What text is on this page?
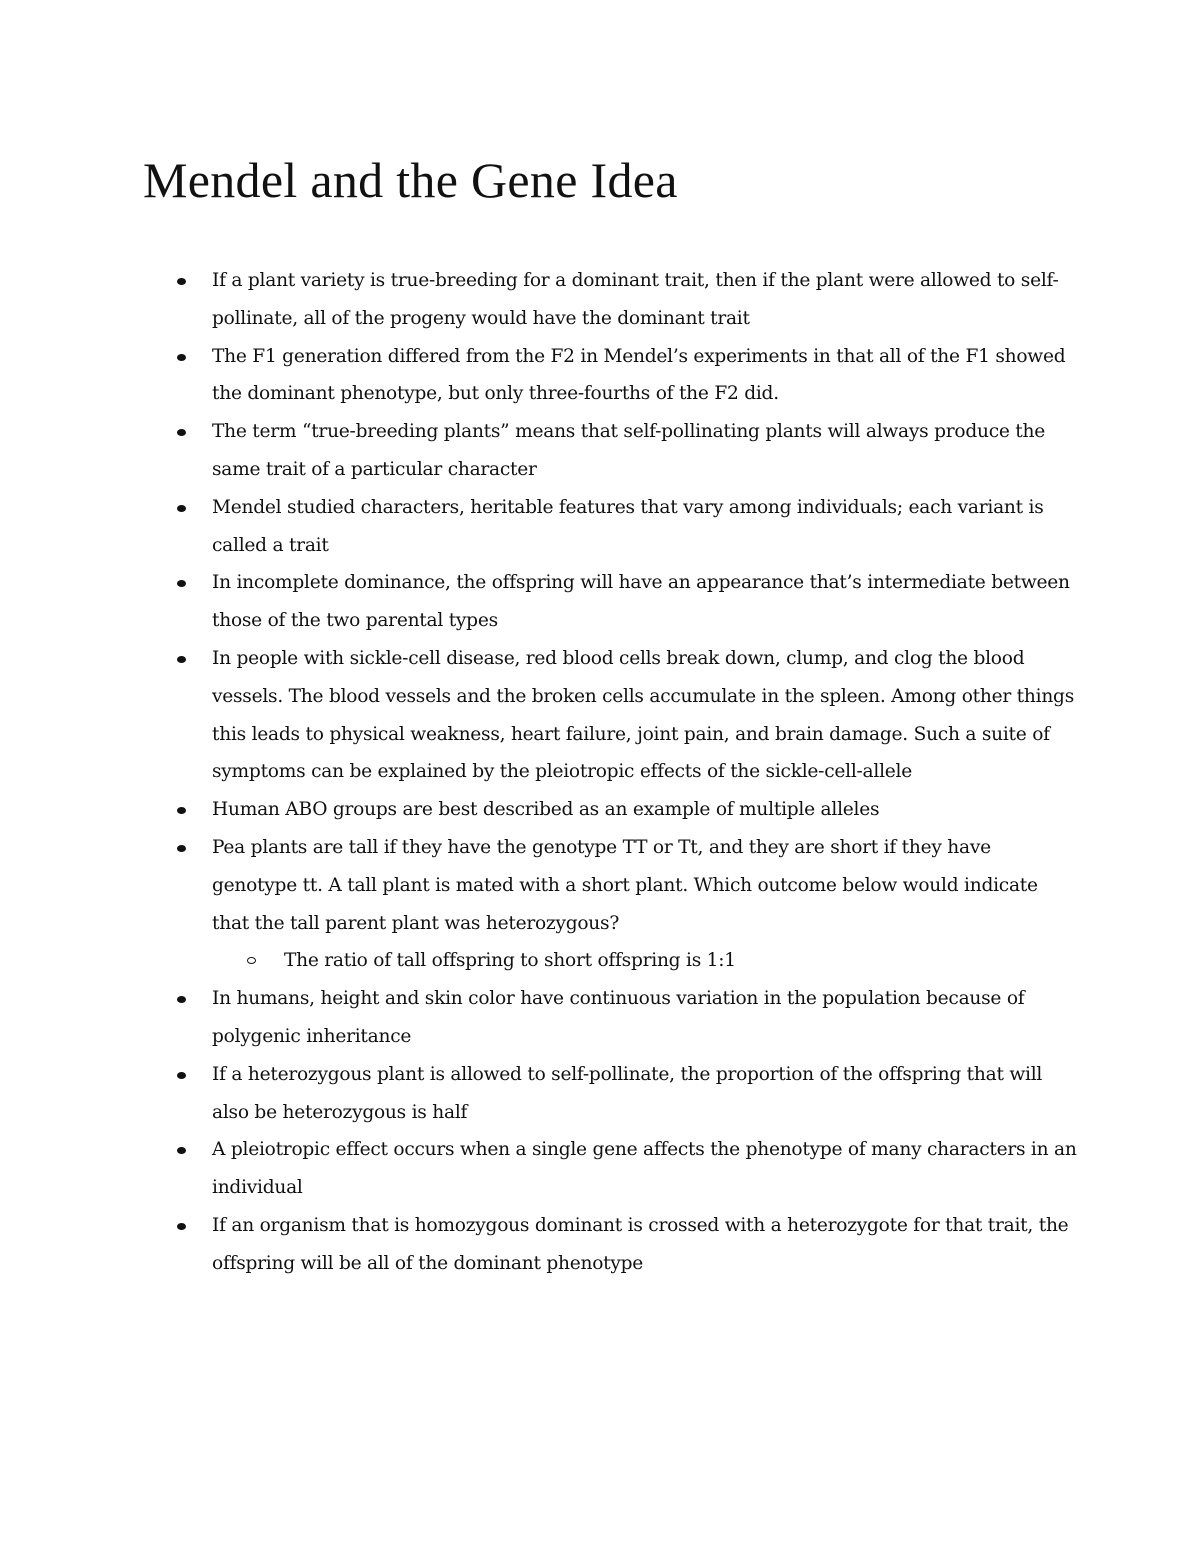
Mendel and the Gene Idea
If a plant variety is true-breeding for a dominant trait, then if the plant were allowed to self-pollinate, all of the progeny would have the dominant trait
The F1 generation differed from the F2 in Mendel’s experiments in that all of the F1 showed the dominant phenotype, but only three-fourths of the F2 did.
The term “true-breeding plants” means that self-pollinating plants will always produce the same trait of a particular character
Mendel studied characters, heritable features that vary among individuals; each variant is called a trait
In incomplete dominance, the offspring will have an appearance that’s intermediate between those of the two parental types
In people with sickle-cell disease, red blood cells break down, clump, and clog the blood vessels. The blood vessels and the broken cells accumulate in the spleen. Among other things this leads to physical weakness, heart failure, joint pain, and brain damage. Such a suite of symptoms can be explained by the pleiotropic effects of the sickle-cell-allele
Human ABO groups are best described as an example of multiple alleles
Pea plants are tall if they have the genotype TT or Tt, and they are short if they have genotype tt. A tall plant is mated with a short plant. Which outcome below would indicate that the tall parent plant was heterozygous?
The ratio of tall offspring to short offspring is 1:1
In humans, height and skin color have continuous variation in the population because of polygenic inheritance
If a heterozygous plant is allowed to self-pollinate, the proportion of the offspring that will also be heterozygous is half
A pleiotropic effect occurs when a single gene affects the phenotype of many characters in an individual
If an organism that is homozygous dominant is crossed with a heterozygote for that trait, the offspring will be all of the dominant phenotype
